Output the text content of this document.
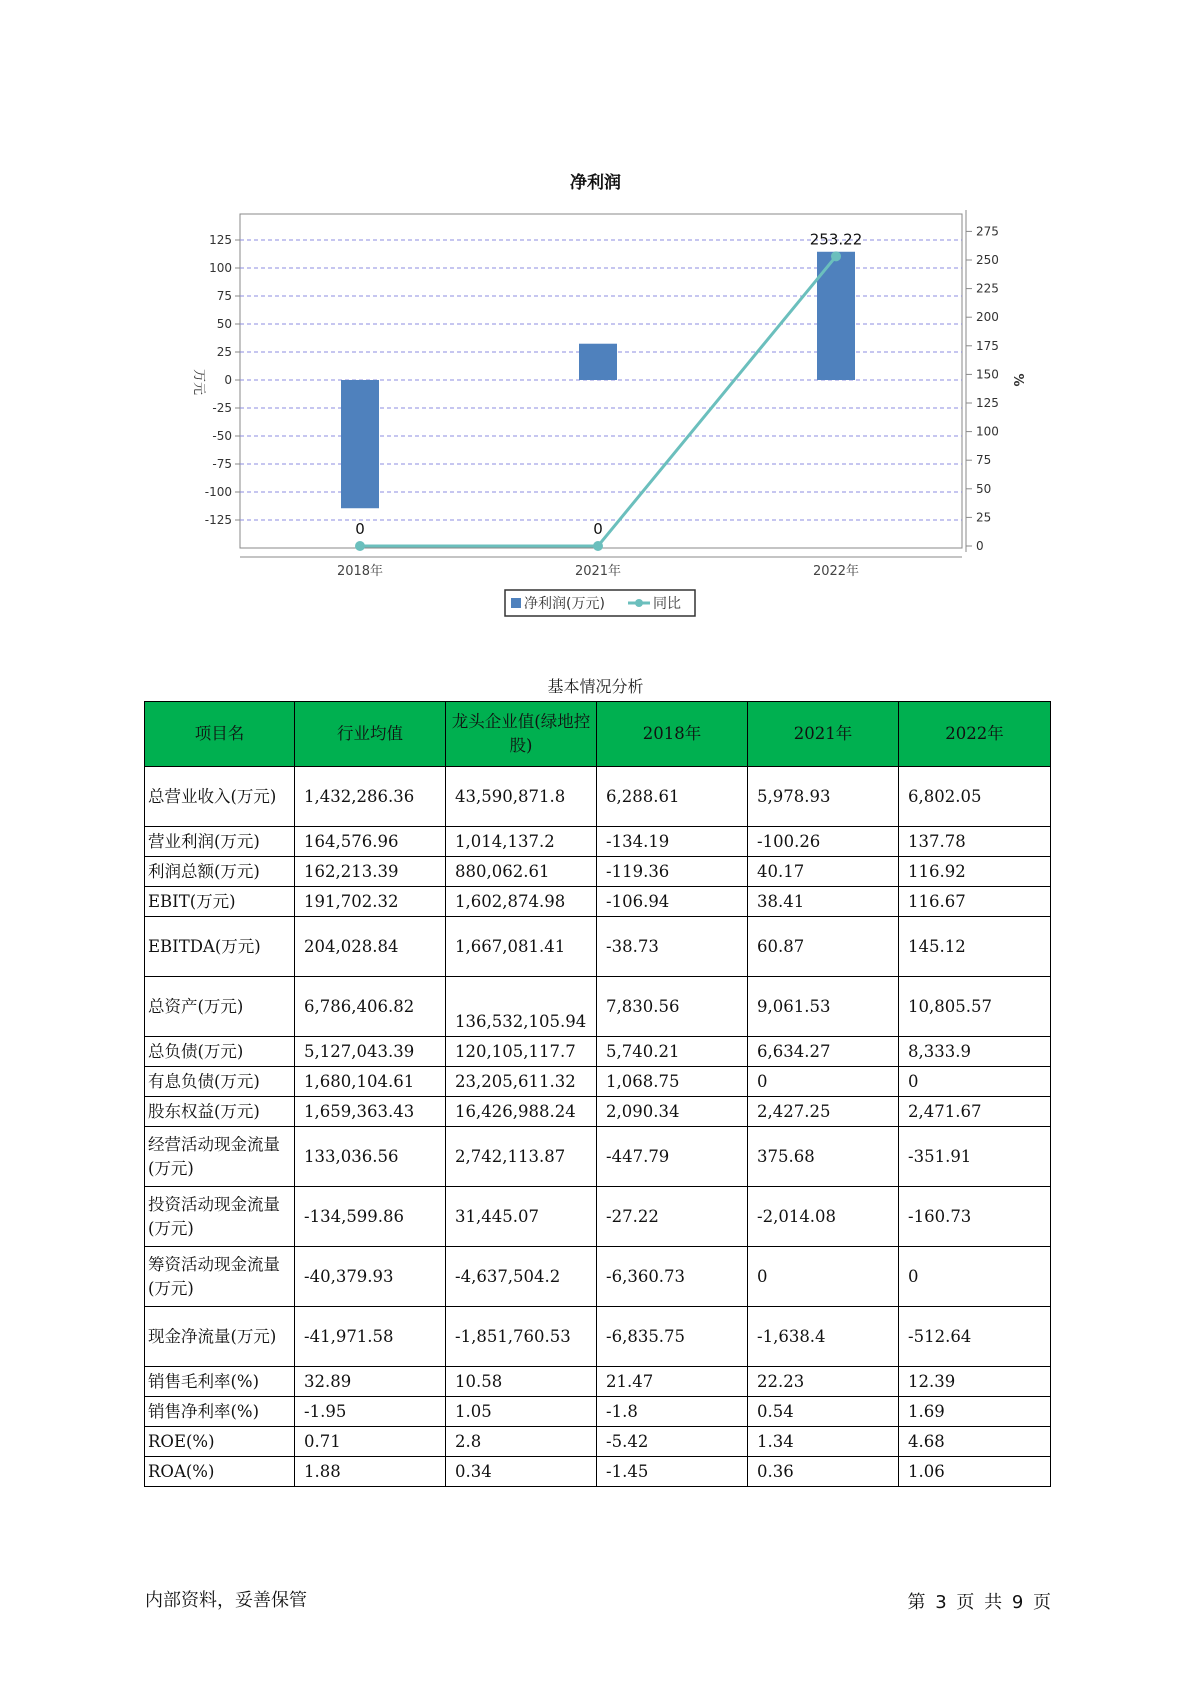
净利润
125
100
75
50
25
0
-25
-50
-75
-100
-125
275
250
225
200
175
150
125
100
75
50
25
0
0	0
253.22
2018年	2021年	2022年
万元	%
净利润(万元)	同比
基本情况分析
项目名	行业均值	龙头企业值(绿地控股)	2018年	2021年	2022年
总营业收入(万元)	1,432,286.36	43,590,871.8	6,288.61	5,978.93	6,802.05
营业利润(万元)	164,576.96	1,014,137.2	-134.19	-100.26	137.78
利润总额(万元)	162,213.39	880,062.61	-119.36	40.17	116.92
EBIT(万元)	191,702.32	1,602,874.98	-106.94	38.41	116.67
EBITDA(万元)	204,028.84	1,667,081.41	-38.73	60.87	145.12
总资产(万元)	6,786,406.82	136,532,105.94	7,830.56	9,061.53	10,805.57
总负债(万元)	5,127,043.39	120,105,117.7	5,740.21	6,634.27	8,333.9
有息负债(万元)	1,680,104.61	23,205,611.32	1,068.75	0	0
股东权益(万元)	1,659,363.43	16,426,988.24	2,090.34	2,427.25	2,471.67
经营活动现金流量(万元)	133,036.56	2,742,113.87	-447.79	375.68	-351.91
投资活动现金流量(万元)	-134,599.86	31,445.07	-27.22	-2,014.08	-160.73
筹资活动现金流量(万元)	-40,379.93	-4,637,504.2	-6,360.73	0	0
现金净流量(万元)	-41,971.58	-1,851,760.53	-6,835.75	-1,638.4	-512.64
销售毛利率(%)	32.89	10.58	21.47	22.23	12.39
销售净利率(%)	-1.95	1.05	-1.8	0.54	1.69
ROE(%)	0.71	2.8	-5.42	1.34	4.68
ROA(%)	1.88	0.34	-1.45	0.36	1.06
内部资料，妥善保管	第 3 页 共 9 页
